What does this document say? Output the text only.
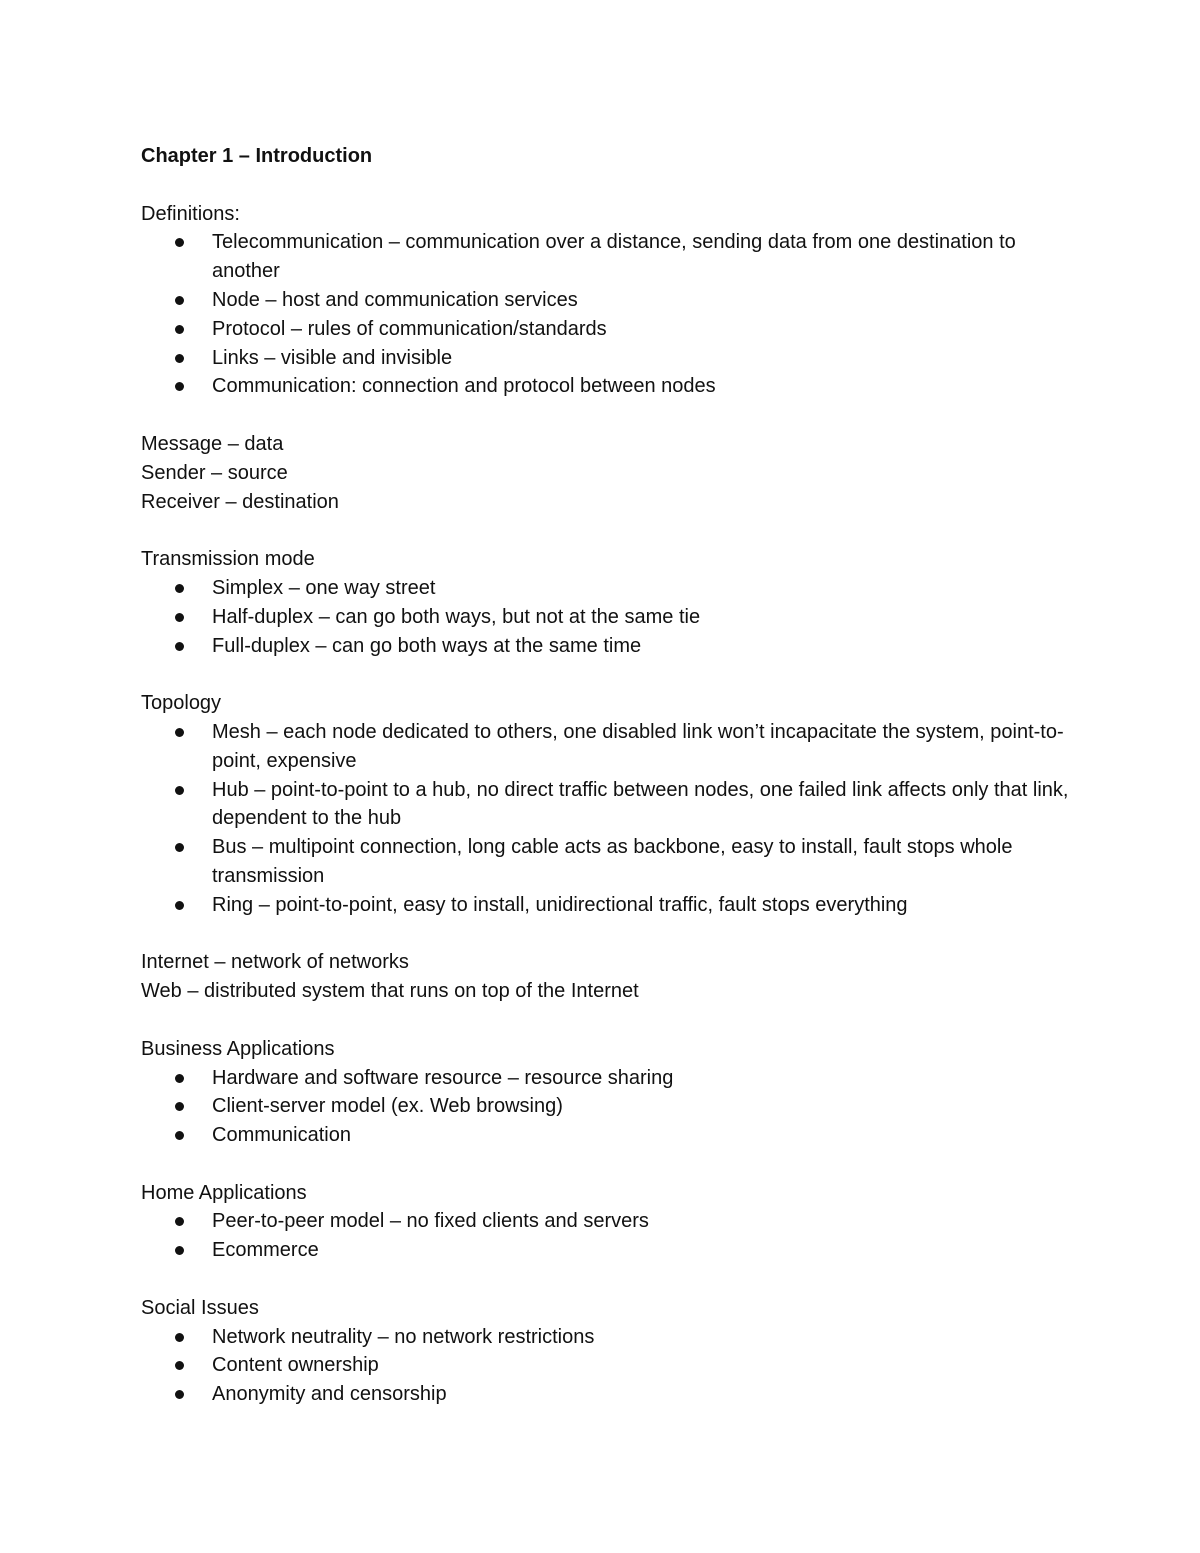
Chapter 1 – Introduction

Definitions:

Telecommunication – communication over a distance, sending data from one destination to another
Node – host and communication services
Protocol – rules of communication/standards
Links – visible and invisible
Communication: connection and protocol between nodes

Message – data

Sender – source

Receiver – destination

Transmission mode

Simplex – one way street
Half-duplex – can go both ways, but not at the same tie
Full-duplex – can go both ways at the same time

Topology

Mesh – each node dedicated to others, one disabled link won’t incapacitate the system, point-to-point, expensive
Hub – point-to-point to a hub, no direct traffic between nodes, one failed link affects only that link, dependent to the hub
Bus – multipoint connection, long cable acts as backbone, easy to install, fault stops whole transmission
Ring – point-to-point, easy to install, unidirectional traffic, fault stops everything

Internet – network of networks

Web – distributed system that runs on top of the Internet

Business Applications

Hardware and software resource – resource sharing
Client-server model (ex. Web browsing)
Communication

Home Applications

Peer-to-peer model – no fixed clients and servers
Ecommerce

Social Issues

Network neutrality – no network restrictions
Content ownership
Anonymity and censorship
